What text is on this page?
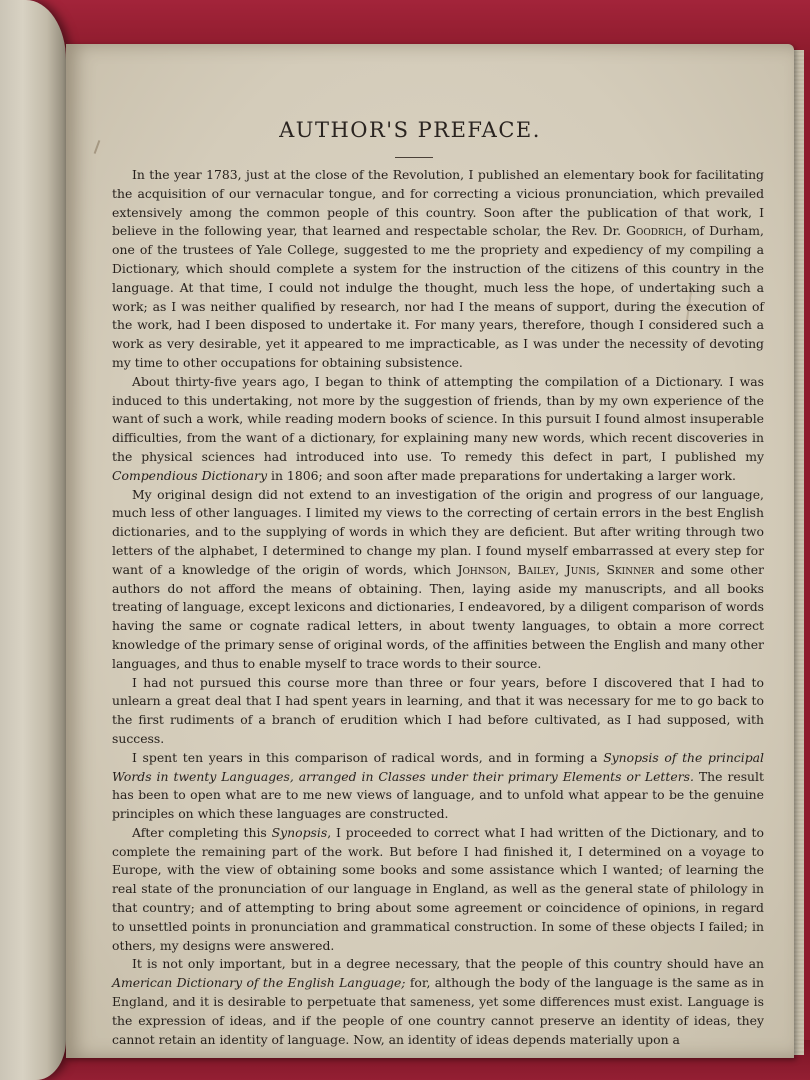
AUTHOR'S PREFACE.

In the year 1783, just at the close of the Revolution, I published an elementary book for facilitating the acquisition of our vernacular tongue, and for correcting a vicious pronunciation, which prevailed extensively among the common people of this country. Soon after the publication of that work, I believe in the following year, that learned and respectable scholar, the Rev. Dr. Goodrich, of Durham, one of the trustees of Yale College, suggested to me the propriety and expediency of my compiling a Dictionary, which should complete a system for the instruction of the citizens of this country in the language. At that time, I could not indulge the thought, much less the hope, of undertaking such a work; as I was neither qualified by research, nor had I the means of support, during the execution of the work, had I been disposed to undertake it. For many years, therefore, though I considered such a work as very desirable, yet it appeared to me impracticable, as I was under the necessity of devoting my time to other occupations for obtaining subsistence.

About thirty-five years ago, I began to think of attempting the compilation of a Dictionary. I was induced to this undertaking, not more by the suggestion of friends, than by my own experience of the want of such a work, while reading modern books of science. In this pursuit I found almost insuperable difficulties, from the want of a dictionary, for explaining many new words, which recent discoveries in the physical sciences had introduced into use. To remedy this defect in part, I published my Compendious Dictionary in 1806; and soon after made preparations for undertaking a larger work.

My original design did not extend to an investigation of the origin and progress of our language, much less of other languages. I limited my views to the correcting of certain errors in the best English dictionaries, and to the supplying of words in which they are deficient. But after writing through two letters of the alphabet, I determined to change my plan. I found myself embarrassed at every step for want of a knowledge of the origin of words, which Johnson, Bailey, Junis, Skinner and some other authors do not afford the means of obtaining. Then, laying aside my manuscripts, and all books treating of language, except lexicons and dictionaries, I endeavored, by a diligent comparison of words having the same or cognate radical letters, in about twenty languages, to obtain a more correct knowledge of the primary sense of original words, of the affinities between the English and many other languages, and thus to enable myself to trace words to their source.

I had not pursued this course more than three or four years, before I discovered that I had to unlearn a great deal that I had spent years in learning, and that it was necessary for me to go back to the first rudiments of a branch of erudition which I had before cultivated, as I had supposed, with success.

I spent ten years in this comparison of radical words, and in forming a Synopsis of the principal Words in twenty Languages, arranged in Classes under their primary Elements or Letters. The result has been to open what are to me new views of language, and to unfold what appear to be the genuine principles on which these languages are constructed.

After completing this Synopsis, I proceeded to correct what I had written of the Dictionary, and to complete the remaining part of the work. But before I had finished it, I determined on a voyage to Europe, with the view of obtaining some books and some assistance which I wanted; of learning the real state of the pronunciation of our language in England, as well as the general state of philology in that country; and of attempting to bring about some agreement or coincidence of opinions, in regard to unsettled points in pronunciation and grammatical construction. In some of these objects I failed; in others, my designs were answered.

It is not only important, but in a degree necessary, that the people of this country should have an American Dictionary of the English Language; for, although the body of the language is the same as in England, and it is desirable to perpetuate that sameness, yet some differences must exist. Language is the expression of ideas, and if the people of one country cannot preserve an identity of ideas, they cannot retain an identity of language. Now, an identity of ideas depends materially upon a
